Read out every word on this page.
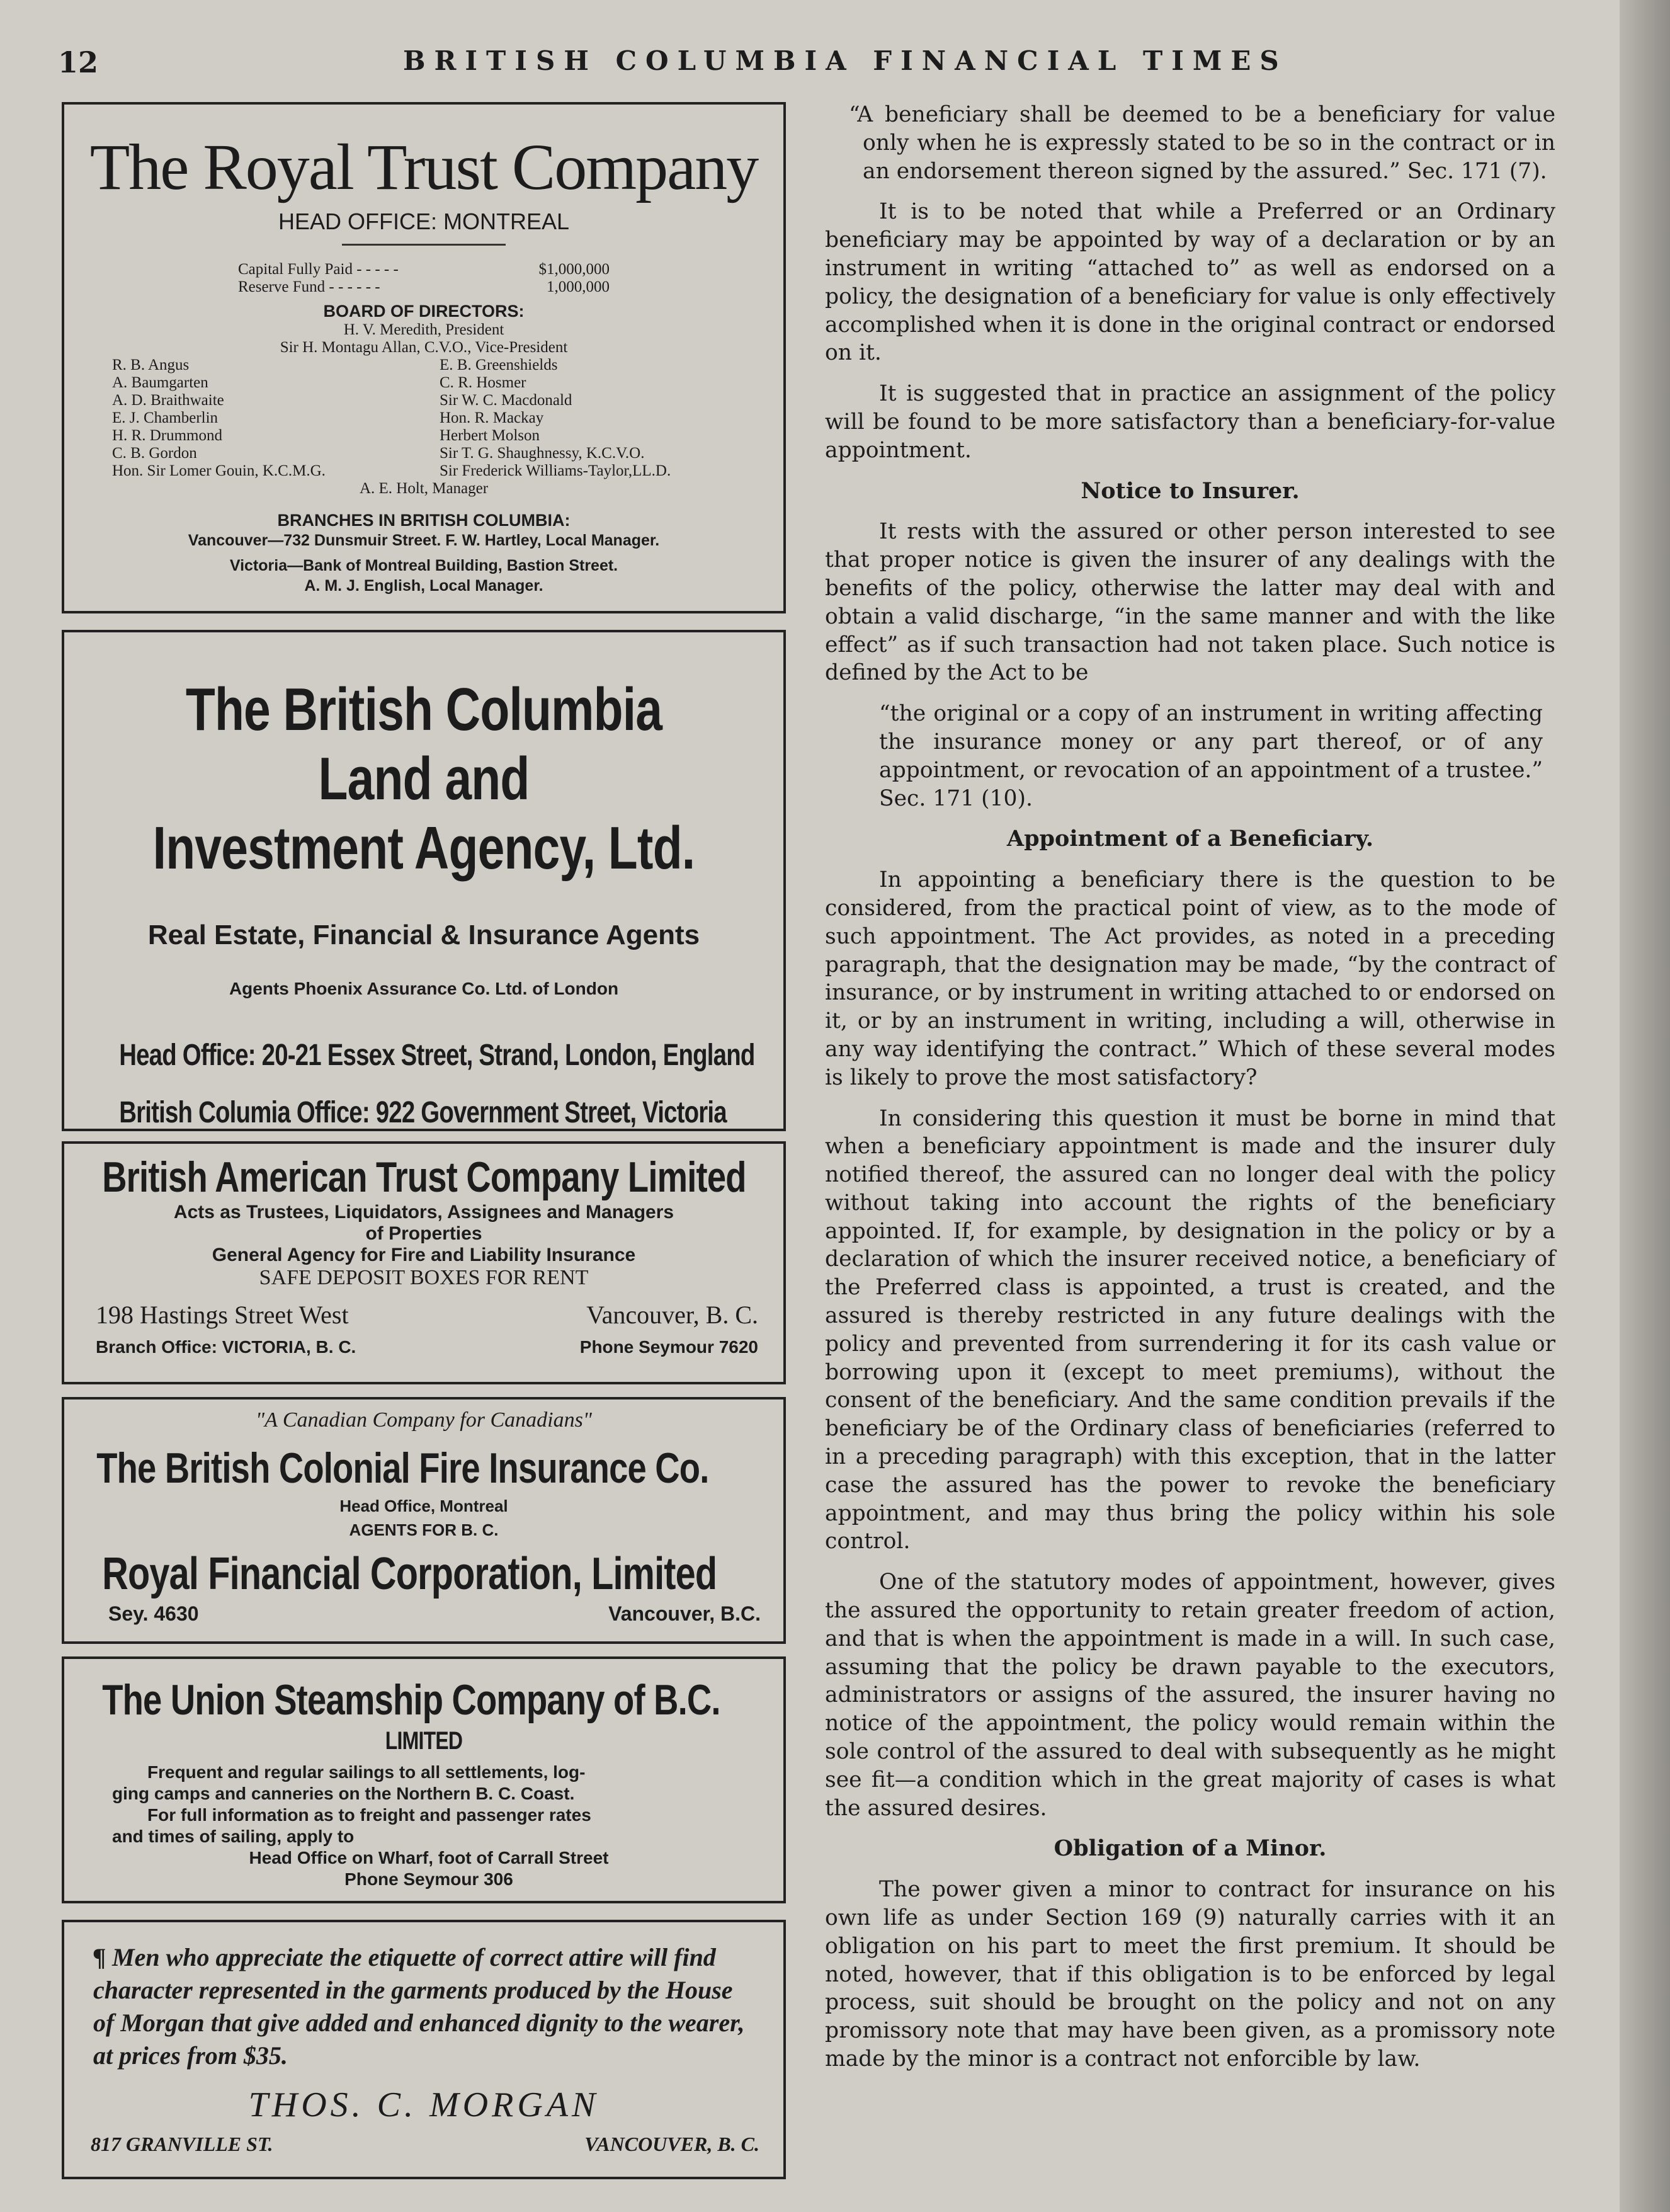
12	BRITISH COLUMBIA FINANCIAL TIMES
The Royal Trust Company
HEAD OFFICE: MONTREAL
Capital Fully Paid - - - - -	$1,000,000
Reserve Fund - - - - - -	1,000,000
BOARD OF DIRECTORS:
H. V. Meredith, President
Sir H. Montagu Allan, C.V.O., Vice-President
R. B. Angus
A. Baumgarten
A. D. Braithwaite
E. J. Chamberlin
H. R. Drummond
C. B. Gordon
Hon. Sir Lomer Gouin, K.C.M.G.
E. B. Greenshields
C. R. Hosmer
Sir W. C. Macdonald
Hon. R. Mackay
Herbert Molson
Sir T. G. Shaughnessy, K.C.V.O.
Sir Frederick Williams-Taylor,LL.D.
A. E. Holt, Manager
BRANCHES IN BRITISH COLUMBIA:
Vancouver—732 Dunsmuir Street. F. W. Hartley, Local Manager.
Victoria—Bank of Montreal Building, Bastion Street.
A. M. J. English, Local Manager.
The British Columbia Land and
Investment Agency, Ltd.
Real Estate, Financial & Insurance Agents
Agents Phoenix Assurance Co. Ltd. of London
Head Office: 20-21 Essex Street, Strand, London, England
British Columia Office: 922 Government Street, Victoria
British American Trust Company Limited
Acts as Trustees, Liquidators, Assignees and Managers
of Properties
General Agency for Fire and Liability Insurance
SAFE DEPOSIT BOXES FOR RENT
198 Hastings Street West	Vancouver, B. C.
Branch Office: VICTORIA, B. C.	Phone Seymour 7620
"A Canadian Company for Canadians"
The British Colonial Fire Insurance Co.
Head Office, Montreal
AGENTS FOR B. C.
Royal Financial Corporation, Limited
Sey. 4630	Vancouver, B.C.
The Union Steamship Company of B.C.
LIMITED
Frequent and regular sailings to all settlements, log-
ging camps and canneries on the Northern B. C. Coast.
For full information as to freight and passenger rates
and times of sailing, apply to
Head Office on Wharf, foot of Carrall Street
Phone Seymour 306
¶ Men who appreciate the etiquette of correct attire will find character represented in the garments produced by the House of Morgan that give added and enhanced dignity to the wearer, at prices from $35.
THOS. C. MORGAN
817 GRANVILLE ST.	VANCOUVER, B. C.

“A beneficiary shall be deemed to be a beneficiary for value only when he is expressly stated to be so in the contract or in an endorsement thereon signed by the assured.” Sec. 171 (7).

It is to be noted that while a Preferred or an Ordinary beneficiary may be appointed by way of a declaration or by an instrument in writing “attached to” as well as endorsed on a policy, the designation of a beneficiary for value is only effectively accomplished when it is done in the original contract or endorsed on it.

It is suggested that in practice an assignment of the policy will be found to be more satisfactory than a beneficiary-for-value appointment.

Notice to Insurer.

It rests with the assured or other person interested to see that proper notice is given the insurer of any dealings with the benefits of the policy, otherwise the latter may deal with and obtain a valid discharge, “in the same manner and with the like effect” as if such transaction had not taken place. Such notice is defined by the Act to be

“the original or a copy of an instrument in writing affecting the insurance money or any part thereof, or of any appointment, or revocation of an appointment of a trustee.” Sec. 171 (10).

Appointment of a Beneficiary.

In appointing a beneficiary there is the question to be considered, from the practical point of view, as to the mode of such appointment. The Act provides, as noted in a preceding paragraph, that the designation may be made, “by the contract of insurance, or by instrument in writing attached to or endorsed on it, or by an instrument in writing, including a will, otherwise in any way identifying the contract.” Which of these several modes is likely to prove the most satisfactory?

In considering this question it must be borne in mind that when a beneficiary appointment is made and the insurer duly notified thereof, the assured can no longer deal with the policy without taking into account the rights of the beneficiary appointed. If, for example, by designation in the policy or by a declaration of which the insurer received notice, a beneficiary of the Preferred class is appointed, a trust is created, and the assured is thereby restricted in any future dealings with the policy and prevented from surrendering it for its cash value or borrowing upon it (except to meet premiums), without the consent of the beneficiary. And the same condition prevails if the beneficiary be of the Ordinary class of beneficiaries (referred to in a preceding paragraph) with this exception, that in the latter case the assured has the power to revoke the beneficiary appointment, and may thus bring the policy within his sole control.

One of the statutory modes of appointment, however, gives the assured the opportunity to retain greater freedom of action, and that is when the appointment is made in a will. In such case, assuming that the policy be drawn payable to the executors, administrators or assigns of the assured, the insurer having no notice of the appointment, the policy would remain within the sole control of the assured to deal with subsequently as he might see fit—a condition which in the great majority of cases is what the assured desires.

Obligation of a Minor.

The power given a minor to contract for insurance on his own life as under Section 169 (9) naturally carries with it an obligation on his part to meet the first premium. It should be noted, however, that if this obligation is to be enforced by legal process, suit should be brought on the policy and not on any promissory note that may have been given, as a promissory note made by the minor is a contract not enforcible by law.
